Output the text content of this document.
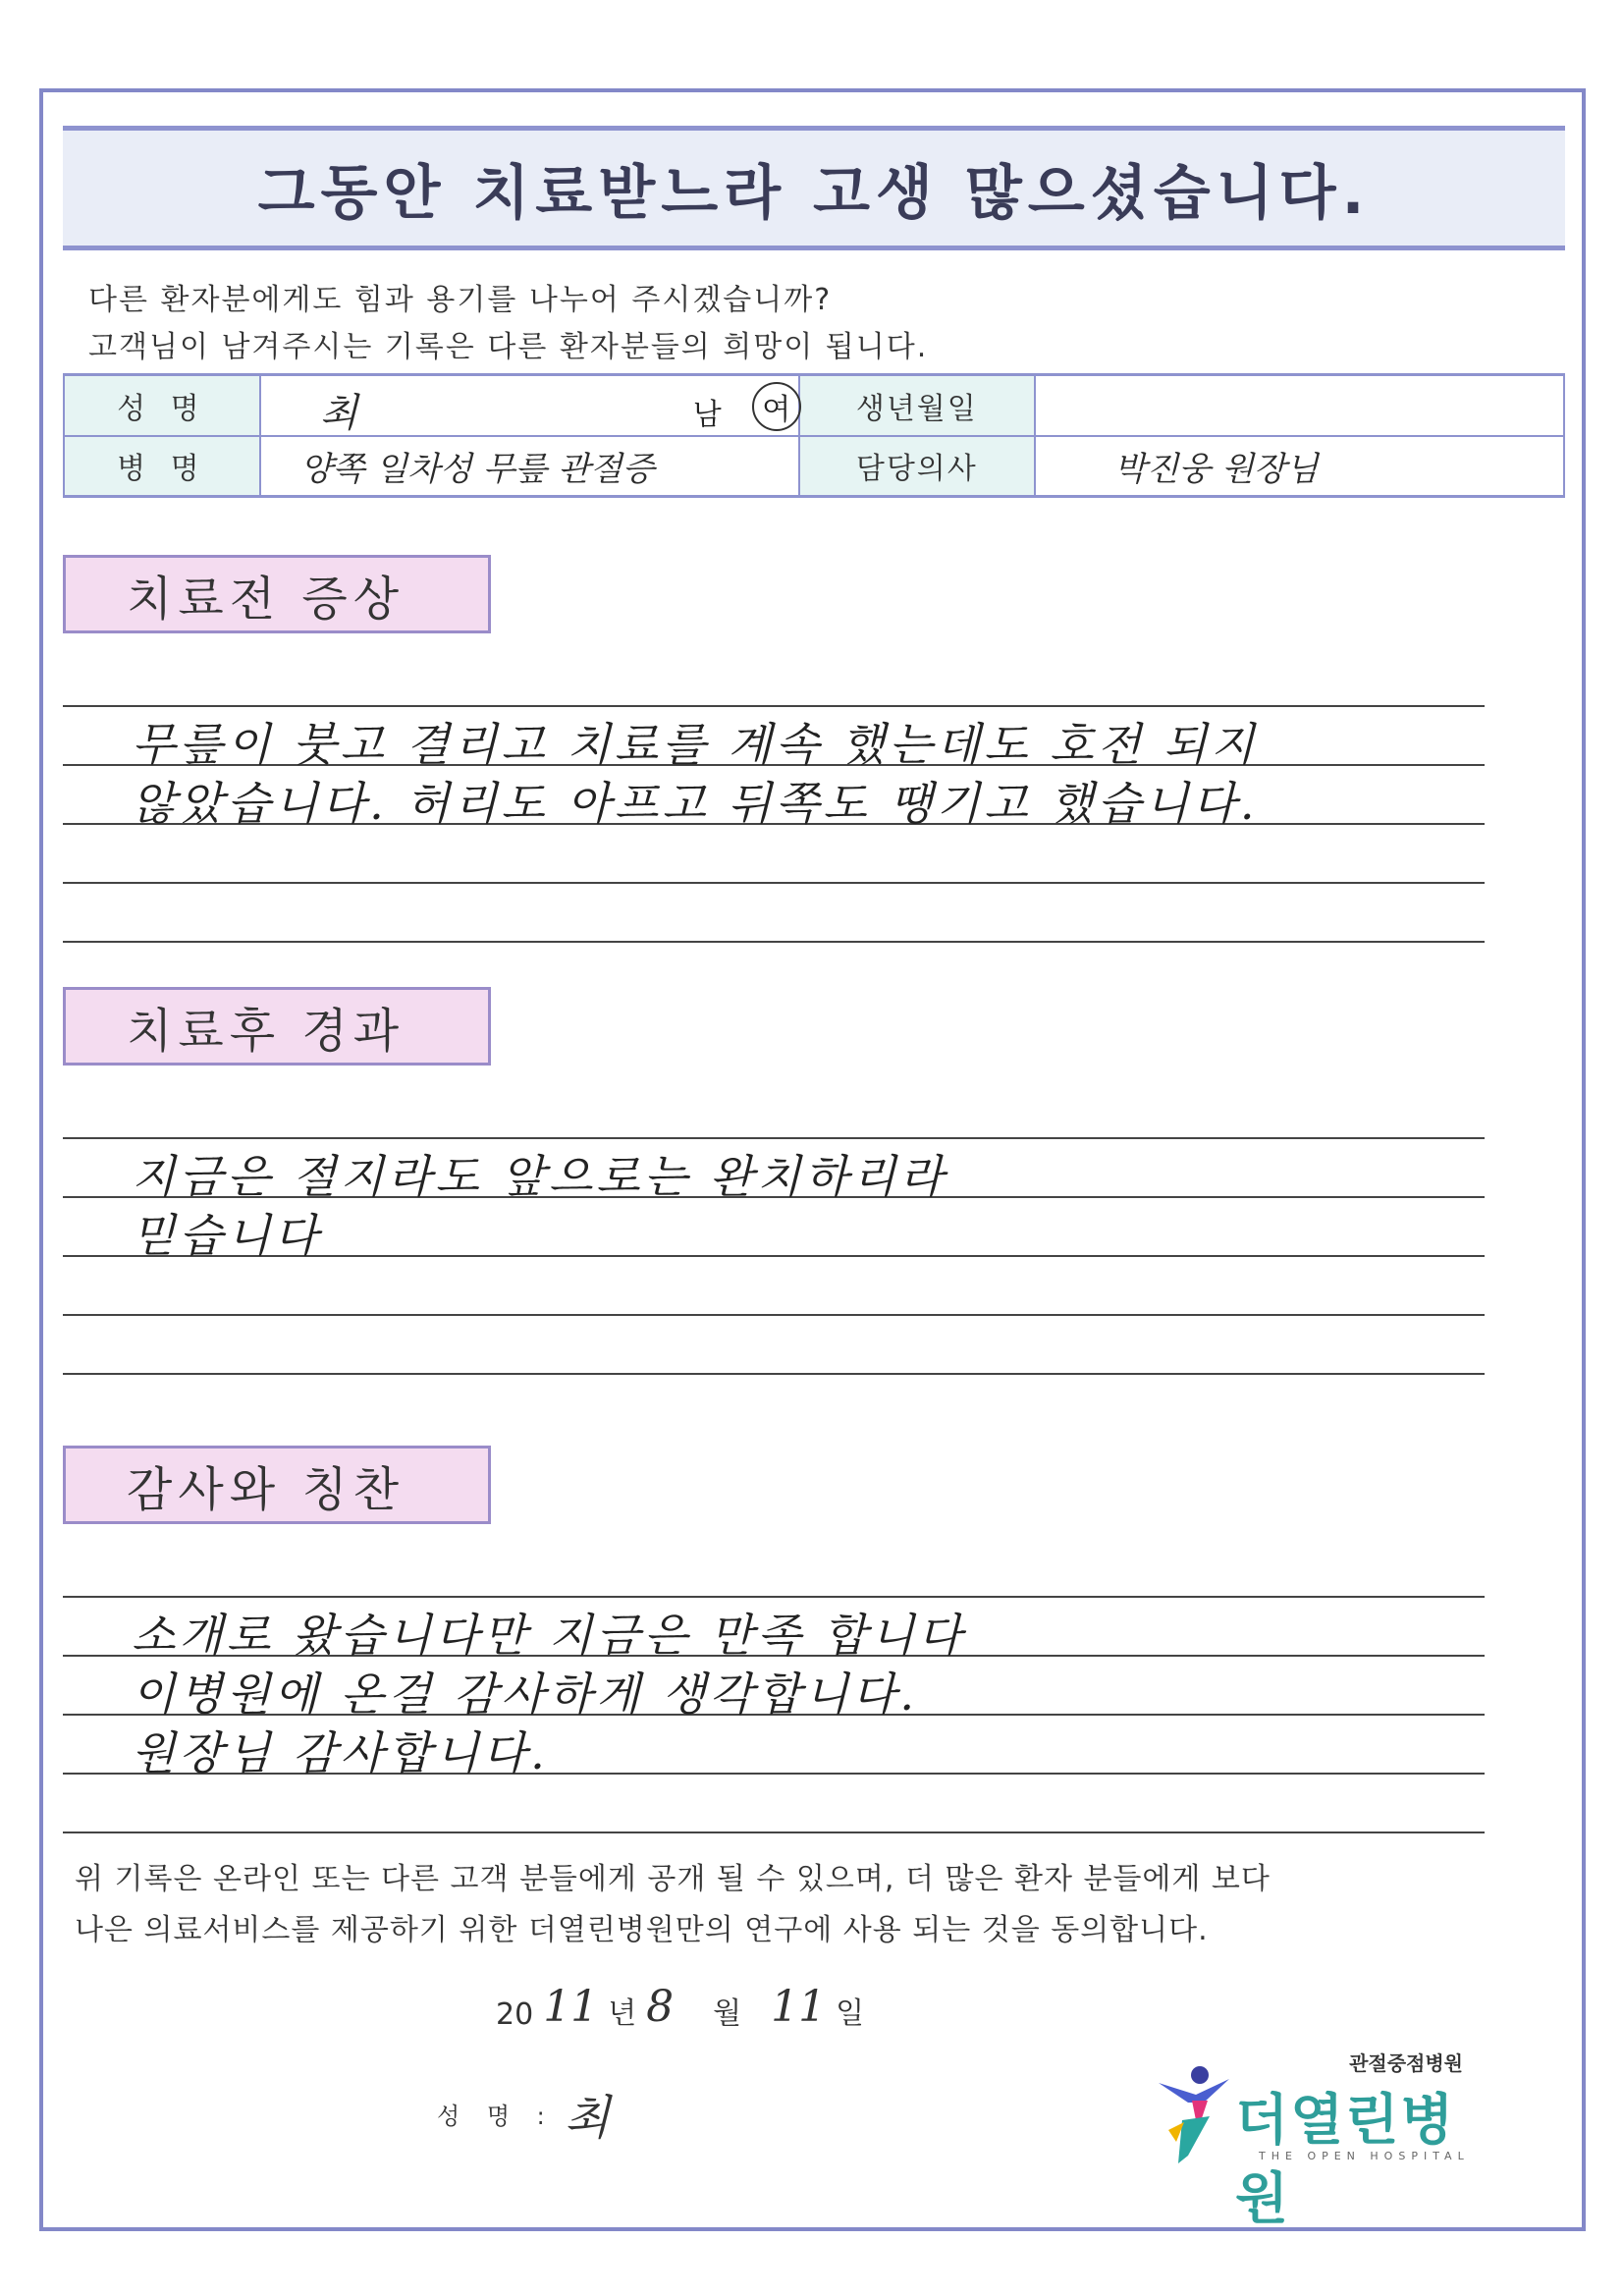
그동안 치료받느라 고생 많으셨습니다.
다른 환자분에게도 힘과 용기를 나누어 주시겠습니까?
고객님이 남겨주시는 기록은 다른 환자분들의 희망이 됩니다.
성 명	최 남 여	생년월일	
병 명	양쪽 일차성 무릎 관절증	담당의사	박진웅 원장님
치료전 증상
무릎이 붓고 결리고 치료를 계속 했는데도 호전 되지
않았습니다. 허리도 아프고 뒤쪽도 땡기고 했습니다.
치료후 경과
지금은 절지라도 앞으로는 완치하리라
믿습니다
감사와 칭찬
소개로 왔습니다만 지금은 만족 합니다
이병원에 온걸 감사하게 생각합니다.
원장님 감사합니다.
위 기록은 온라인 또는 다른 고객 분들에게 공개 될 수 있으며, 더 많은 환자 분들에게 보다
나은 의료서비스를 제공하기 위한 더열린병원만의 연구에 사용 되는 것을 동의합니다.
20 11 년 8 월 11 일
성 명 : 최
관절중점병원
더열린병원
THE OPEN HOSPITAL
